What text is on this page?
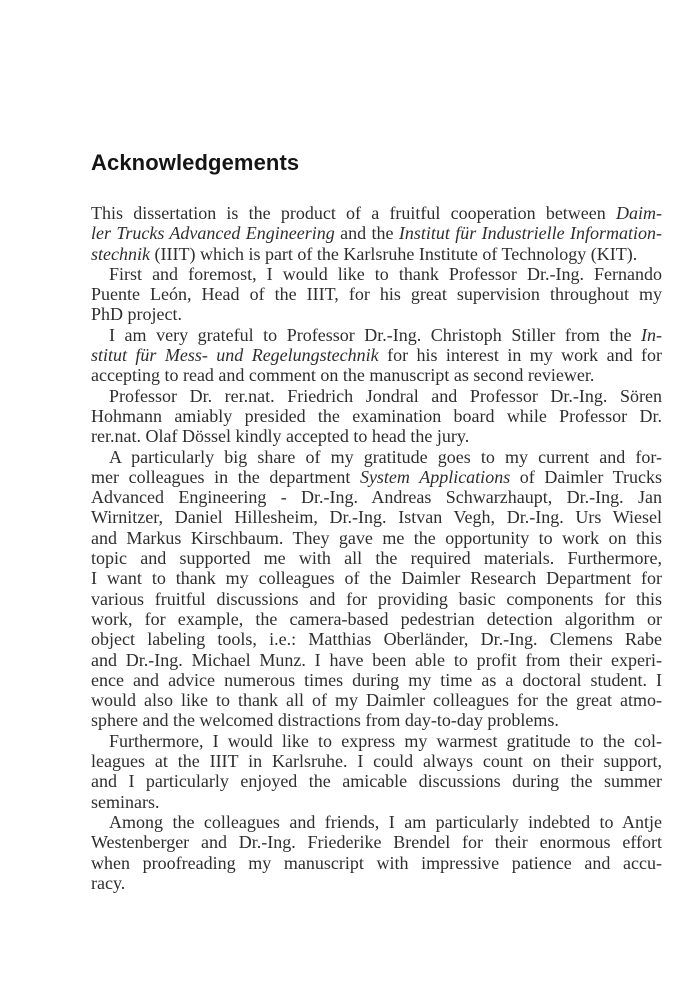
Acknowledgements

This dissertation is the product of a fruitful cooperation between Daim-
ler Trucks Advanced Engineering and the Institut für Industrielle Information-
stechnik (IIIT) which is part of the Karlsruhe Institute of Technology (KIT).

First and foremost, I would like to thank Professor Dr.-Ing. Fernando
Puente León, Head of the IIIT, for his great supervision throughout my
PhD project.

I am very grateful to Professor Dr.-Ing. Christoph Stiller from the In-
stitut für Mess- und Regelungstechnik for his interest in my work and for
accepting to read and comment on the manuscript as second reviewer.

Professor Dr. rer.nat. Friedrich Jondral and Professor Dr.-Ing. Sören
Hohmann amiably presided the examination board while Professor Dr.
rer.nat. Olaf Dössel kindly accepted to head the jury.

A particularly big share of my gratitude goes to my current and for-
mer colleagues in the department System Applications of Daimler Trucks
Advanced Engineering - Dr.-Ing. Andreas Schwarzhaupt, Dr.-Ing. Jan
Wirnitzer, Daniel Hillesheim, Dr.-Ing. Istvan Vegh, Dr.-Ing. Urs Wiesel
and Markus Kirschbaum. They gave me the opportunity to work on this
topic and supported me with all the required materials. Furthermore,
I want to thank my colleagues of the Daimler Research Department for
various fruitful discussions and for providing basic components for this
work, for example, the camera-based pedestrian detection algorithm or
object labeling tools, i.e.: Matthias Oberländer, Dr.-Ing. Clemens Rabe
and Dr.-Ing. Michael Munz. I have been able to profit from their experi-
ence and advice numerous times during my time as a doctoral student. I
would also like to thank all of my Daimler colleagues for the great atmo-
sphere and the welcomed distractions from day-to-day problems.

Furthermore, I would like to express my warmest gratitude to the col-
leagues at the IIIT in Karlsruhe. I could always count on their support,
and I particularly enjoyed the amicable discussions during the summer
seminars.

Among the colleagues and friends, I am particularly indebted to Antje
Westenberger and Dr.-Ing. Friederike Brendel for their enormous effort
when proofreading my manuscript with impressive patience and accu-
racy.
